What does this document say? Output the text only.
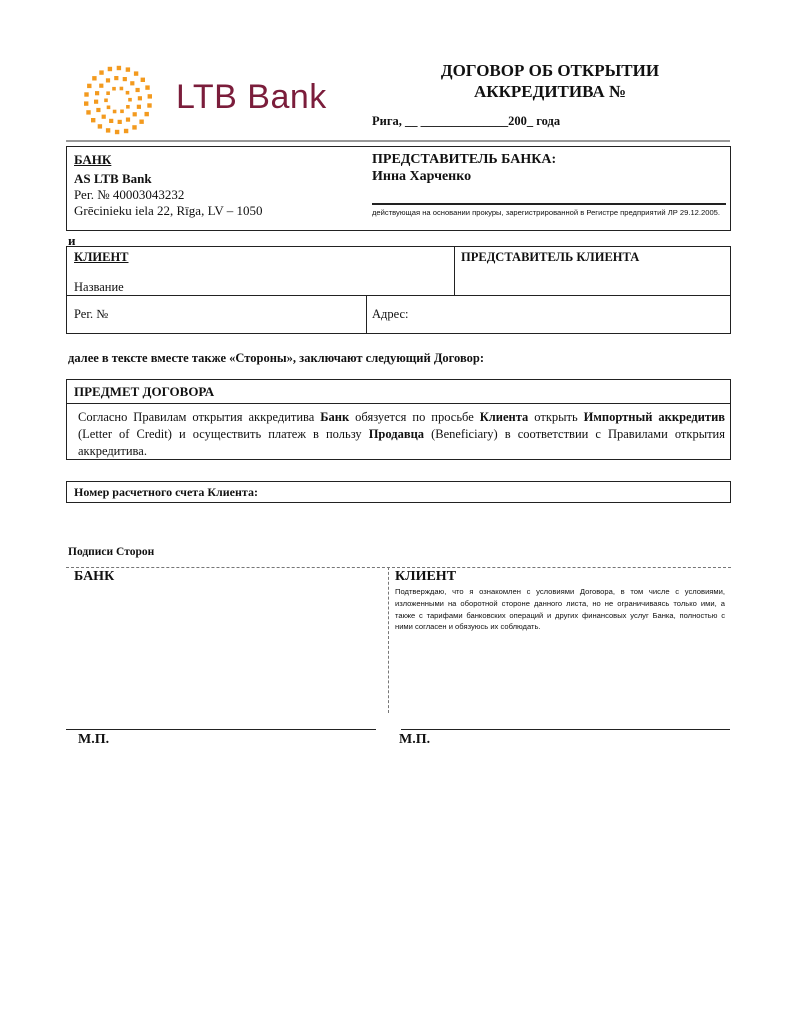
LTB Bank
ДОГОВОР ОБ ОТКРЫТИИ
АККРЕДИТИВА №
Рига, __ ______________200_ года
БАНК
AS LTB Bank
Рег. № 40003043232
Grēcinieku iela 22, Rīga, LV – 1050
ПРЕДСТАВИТЕЛЬ БАНКА:
Инна Харченко
действующая на основании прокуры, зарегистрированной в Регистре предприятий ЛР 29.12.2005.
и
КЛИЕНТ	ПРЕДСТАВИТЕЛЬ КЛИЕНТА
Название
Рег. №	Адрес:
далее в тексте вместе также «Стороны», заключают следующий Договор:
ПРЕДМЕТ ДОГОВОРА
Согласно Правилам открытия аккредитива Банк обязуется по просьбе Клиента открыть Импортный аккредитив (Letter of Credit) и осуществить платеж в пользу Продавца (Beneficiary) в соответствии с Правилами открытия аккредитива.
Номер расчетного счета Клиента:
Подписи Сторон
БАНК	КЛИЕНТ
Подтверждаю, что я ознакомлен с условиями Договора, в том числе с условиями, изложенными на оборотной стороне данного листа, но не ограничиваясь только ими, а также с тарифами банковских операций и других финансовых услуг Банка, полностью с ними согласен и обязуюсь их соблюдать.
М.П.	М.П.
